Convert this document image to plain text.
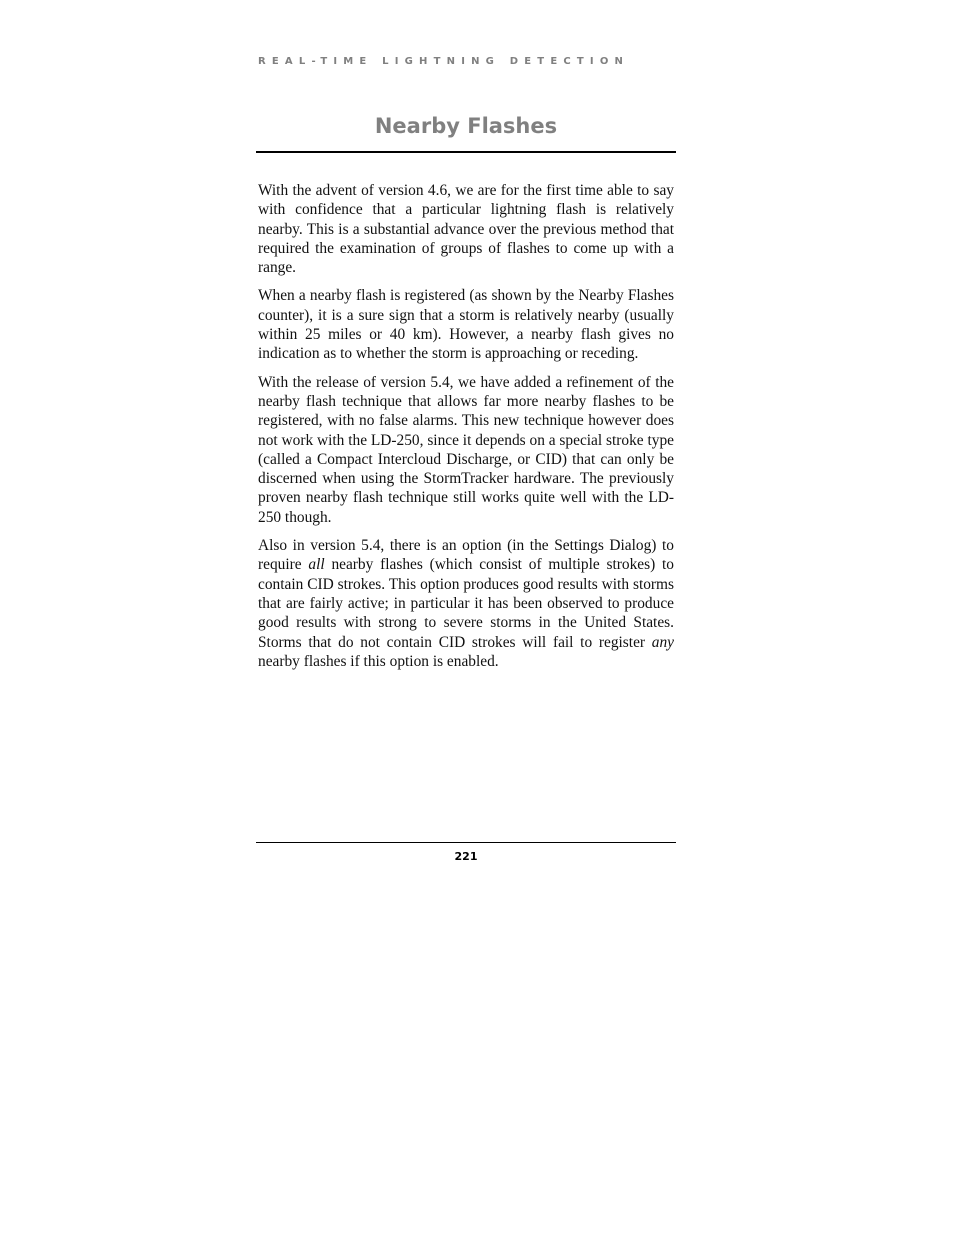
REAL-TIME LIGHTNING DETECTION
Nearby Flashes

With the advent of version 4.6, we are for the first time able to say with confidence that a particular lightning flash is relatively nearby. This is a substantial advance over the previous method that required the examination of groups of flashes to come up with a range.

When a nearby flash is registered (as shown by the Nearby Flashes counter), it is a sure sign that a storm is relatively nearby (usually within 25 miles or 40 km). However, a nearby flash gives no indication as to whether the storm is approaching or receding.

With the release of version 5.4, we have added a refinement of the nearby flash technique that allows far more nearby flashes to be registered, with no false alarms. This new technique however does not work with the LD-250, since it depends on a special stroke type (called a Compact Intercloud Discharge, or CID) that can only be discerned when using the StormTracker hardware. The previously proven nearby flash technique still works quite well with the LD-250 though.

Also in version 5.4, there is an option (in the Settings Dialog) to require all nearby flashes (which consist of multiple strokes) to contain CID strokes. This option produces good results with storms that are fairly active; in particular it has been observed to produce good results with strong to severe storms in the United States. Storms that do not contain CID strokes will fail to register any nearby flashes if this option is enabled.

221
